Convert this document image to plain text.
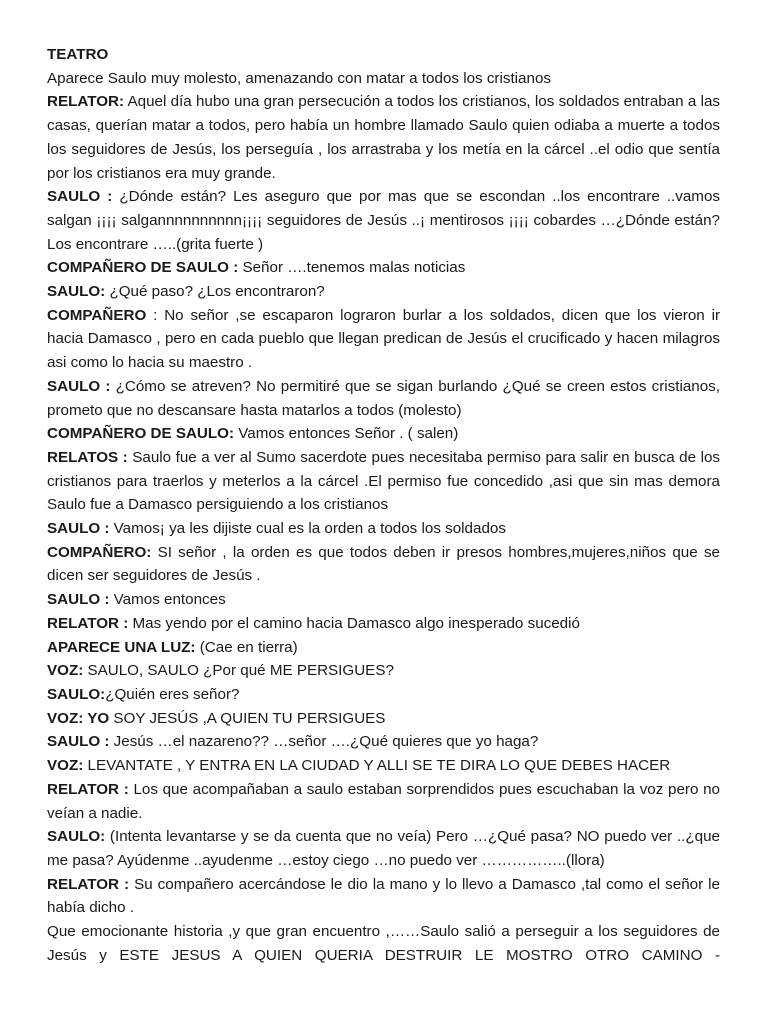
TEATRO

Aparece Saulo muy molesto, amenazando con matar a todos los cristianos

RELATOR: Aquel día hubo una gran persecución a todos los cristianos, los soldados entraban a las casas, querían matar a todos, pero había un hombre llamado Saulo quien odiaba a muerte a todos los seguidores de Jesús, los perseguía , los arrastraba y los metía en la cárcel ..el odio que sentía por los cristianos era muy grande.

SAULO : ¿Dónde están? Les aseguro que por mas que se escondan ..los encontrare ..vamos salgan ¡¡¡¡ salgannnnnnnnnn¡¡¡¡ seguidores de Jesús ..¡ mentirosos ¡¡¡¡ cobardes …¿Dónde están? Los encontrare …..(grita fuerte )

COMPAÑERO DE SAULO : Señor ….tenemos malas noticias

SAULO: ¿Qué paso? ¿Los encontraron?

COMPAÑERO : No señor ,se escaparon lograron burlar a los soldados, dicen que los vieron ir hacia Damasco , pero en cada pueblo que llegan predican de Jesús el crucificado y hacen milagros asi como lo hacia su maestro .

SAULO : ¿Cómo se atreven? No permitiré que se sigan burlando ¿Qué se creen estos cristianos, prometo que no descansare hasta matarlos a todos (molesto)

COMPAÑERO DE SAULO: Vamos entonces Señor . ( salen)

RELATOS : Saulo fue a ver al Sumo sacerdote pues necesitaba permiso para salir en busca de los cristianos para traerlos y meterlos a la cárcel .El permiso fue concedido ,asi que sin mas demora Saulo fue a Damasco persiguiendo a los cristianos

SAULO : Vamos¡ ya les dijiste cual es la orden a todos los soldados

COMPAÑERO: SI señor , la orden es que todos deben ir presos hombres,mujeres,niños que se dicen ser seguidores de Jesús .

SAULO : Vamos entonces

RELATOR : Mas yendo por el camino hacia Damasco algo inesperado sucedió

APARECE UNA LUZ: (Cae en tierra)

VOZ: SAULO, SAULO ¿Por qué ME PERSIGUES?

SAULO:¿Quién eres señor?

VOZ: YO SOY JESÚS ,A QUIEN TU PERSIGUES

SAULO : Jesús …el nazareno?? …señor ….¿Qué quieres que yo haga?

VOZ: LEVANTATE , Y ENTRA EN LA CIUDAD Y ALLI SE TE DIRA LO QUE DEBES HACER

RELATOR : Los que acompañaban a saulo estaban sorprendidos pues escuchaban la voz pero no veían a nadie.

SAULO: (Intenta levantarse y se da cuenta que no veía) Pero …¿Qué pasa? NO puedo ver ..¿que me pasa? Ayúdenme ..ayudenme …estoy ciego …no puedo ver ……………..(llora)

RELATOR : Su compañero acercándose le dio la mano y lo llevo a Damasco ,tal como el señor le había dicho .

Que emocionante historia ,y que gran encuentro ,……Saulo salió a perseguir a los seguidores de Jesús y ESTE JESUS A QUIEN QUERIA DESTRUIR LE MOSTRO OTRO CAMINO -
